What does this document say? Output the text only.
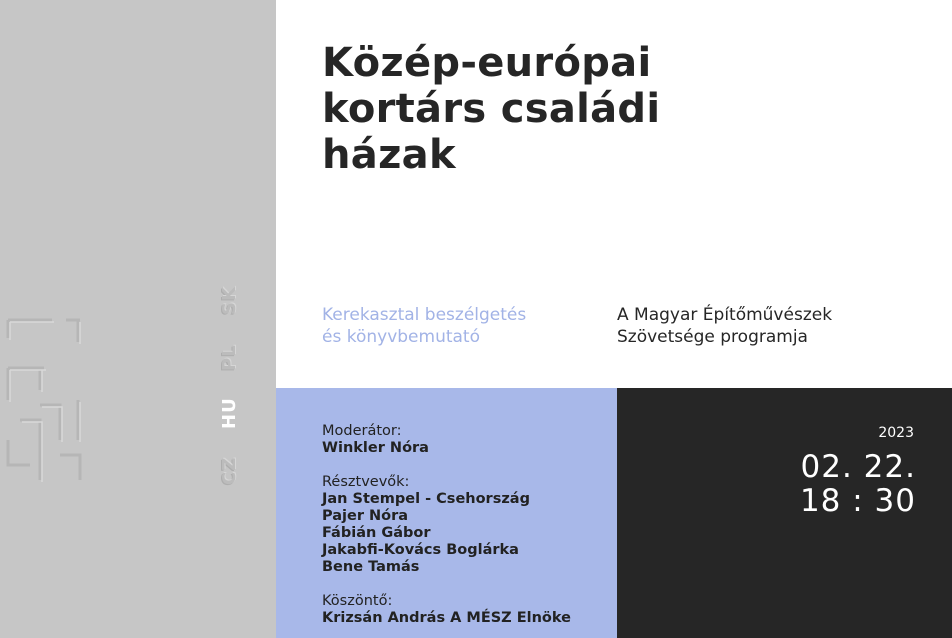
CZ
HU
PL
SK
Közép-európai
kortárs családi
házak
Kerekasztal beszélgetés
és könyvbemutató
A Magyar Építőművészek
Szövetsége programja
Moderátor:
Winkler Nóra
Résztvevők:
Jan Stempel - Csehország
Pajer Nóra
Fábián Gábor
Jakabfi-Kovács Boglárka
Bene Tamás
Köszöntő:
Krizsán András A MÉSZ Elnöke
2023
02. 22.
18 : 30
